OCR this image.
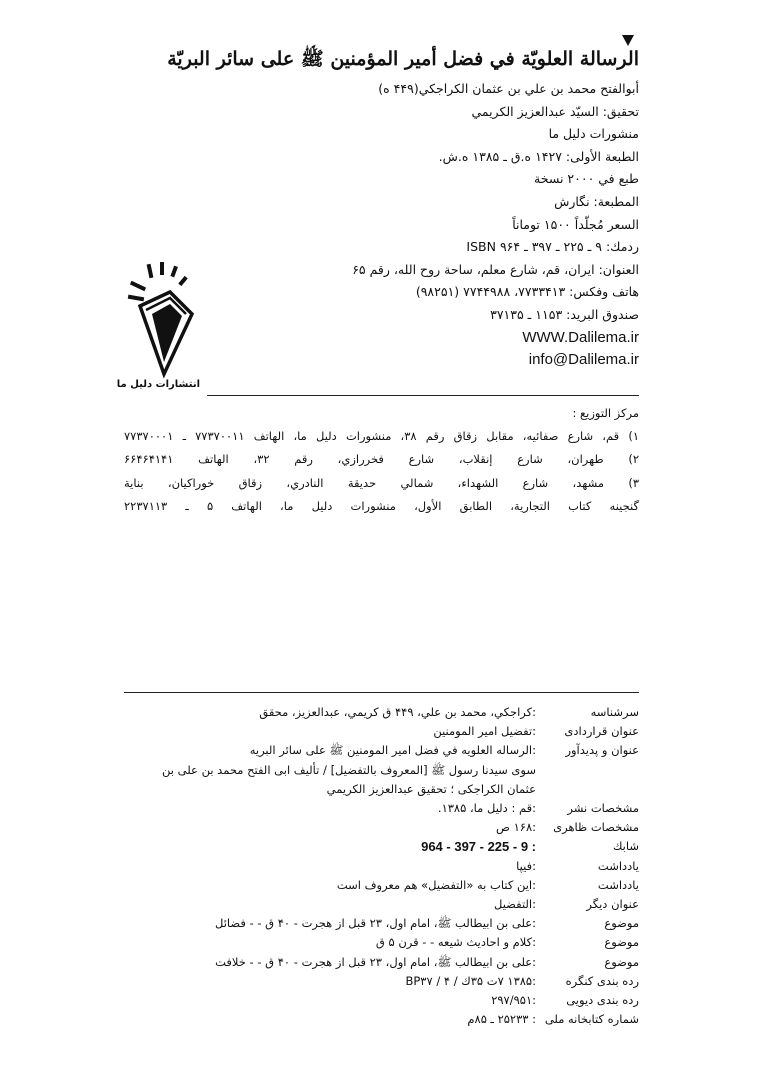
الرسالة العلويّة في فضل أمير المؤمنين ﷺ على سائر البريّة
أبوالفتح محمد بن علي بن عثمان الكراجكي(۴۴۹ ه)
تحقيق: السيّد عبدالعزيز الكريمي
منشورات دليل ما
الطبعة الأولى: ۱۴۲۷ ه.ق ـ ۱۳۸۵ ه.ش.
طبع في ۲۰۰۰ نسخة
المطبعة: نگارش
السعر مُجلّداً ۱۵۰۰ توماناً
ردمك: ۹ ـ ۲۲۵ ـ ۳۹۷ ـ ۹۶۴ ISBN
العنوان: ايران، قم، شارع معلم، ساحة روح الله، رقم ۶۵
هاتف وفكس: ۷۷۳۳۴۱۳، ۷۷۴۴۹۸۸ (۹۸۲۵۱)
صندوق البريد: ۱۱۵۳ ـ ۳۷۱۳۵
WWW.Dalilema.ir
info@Dalilema.ir
انتشارات دلیل ما
مركز التوزيع :
۱) قم، شارع صفائيه، مقابل زقاق رقم ۳۸، منشورات دليل ما، الهاتف ۷۷۳۷۰۰۱۱ ـ ۷۷۳۷۰۰۰۱
۲) طهران، شارع إنقلاب، شارع فخررازي، رقم ۳۲، الهاتف ۶۶۴۶۴۱۴۱
۳) مشهد، شارع الشهداء، شمالي حديقة النادري، زقاق خوراكيان، بناية
گنجينه كتاب التجارية، الطابق الأول، منشورات دليل ما، الهاتف ۵ ـ ۲۲۳۷۱۱۳
سرشناسه
:كراجكي، محمد بن علي، ۴۴۹ ق كريمي، عبدالعزيز، محقق
عنوان قراردادى
:تفضيل امير المومنين
عنوان و پديدآور
:الرساله العلويه في فضل امير المومنين ﷺ على سائر البريه
سوى سيدنا رسول ﷺ [المعروف بالتفضيل] / تأليف ابى الفتح محمد بن على بن
عثمان الكراجكى ؛ تحقيق عبدالعزيز الكريمي
مشخصات نشر
:قم : دليل ما، ۱۳۸۵.
مشخصات ظاهرى
:۱۶۸ ص
شابك
964 - 397 - 225 - 9 :
يادداشت
:فيپا
يادداشت
:اين كتاب به «التفضيل» هم معروف است
عنوان ديگر
:التفضيل
موضوع
:على بن ابيطالب ﷺ، امام اول، ۲۳ قبل از هجرت - ۴۰ ق - - فضائل
موضوع
:كلام و احاديث شيعه - - قرن ۵ ق
موضوع
:على بن ابيطالب ﷺ، امام اول، ۲۳ قبل از هجرت - ۴۰ ق - - خلافت
رده بندى كنگره
:۱۳۸۵ ۷ت ۳۵ك / ۴ / BP۳۷
رده بندى ديويى
:۲۹۷/۹۵۱
شماره كتابخانه ملى
: ۲۵۲۳۳ ـ ۸۵م
